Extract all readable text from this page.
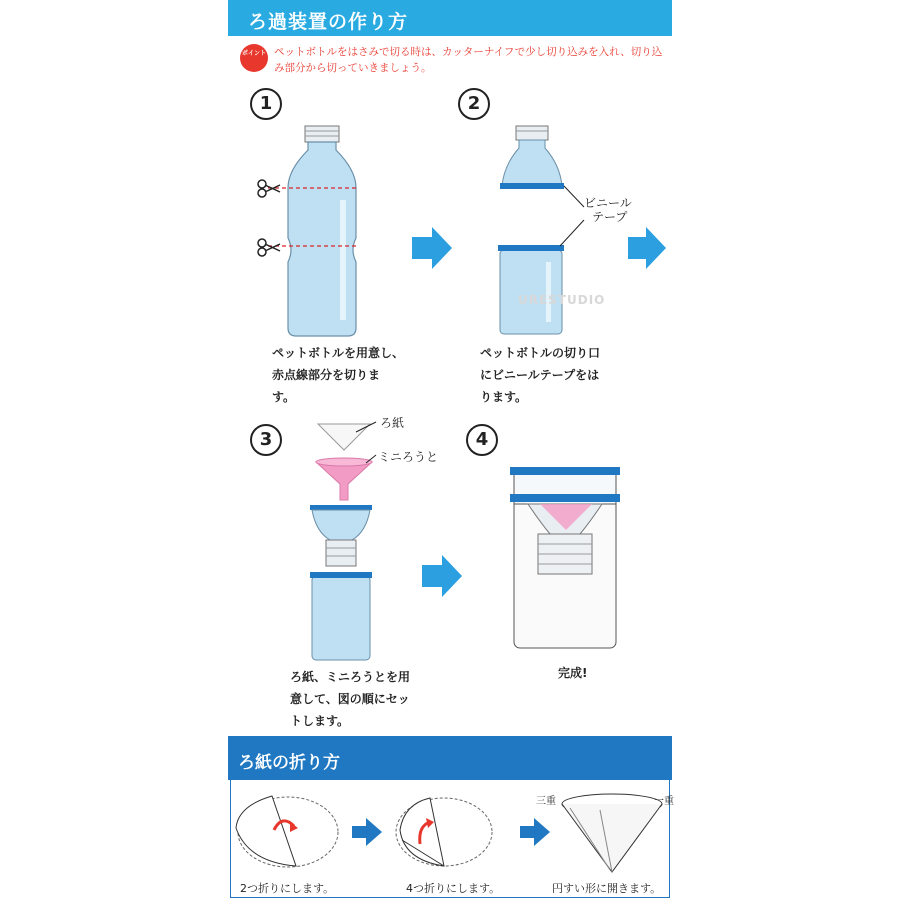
ろ過装置の作り方
ポイント ペットボトルをはさみで切る時は、カッターナイフで少し切り込みを入れ、切り込み部分から切っていきましょう。
1	2
3	4
ペットボトルを用意し、
赤点線部分を切りま
す。
ペットボトルの切り口
にビニールテープをは
ります。
ろ紙、ミニろうとを用
意して、図の順にセッ
トします。
完成!
ビニール
テープ
ろ紙
ミニろうと
URESTUDIO
ろ紙の折り方
2つ折りにします。	4つ折りにします。	円すい形に開きます。
三重	一重
